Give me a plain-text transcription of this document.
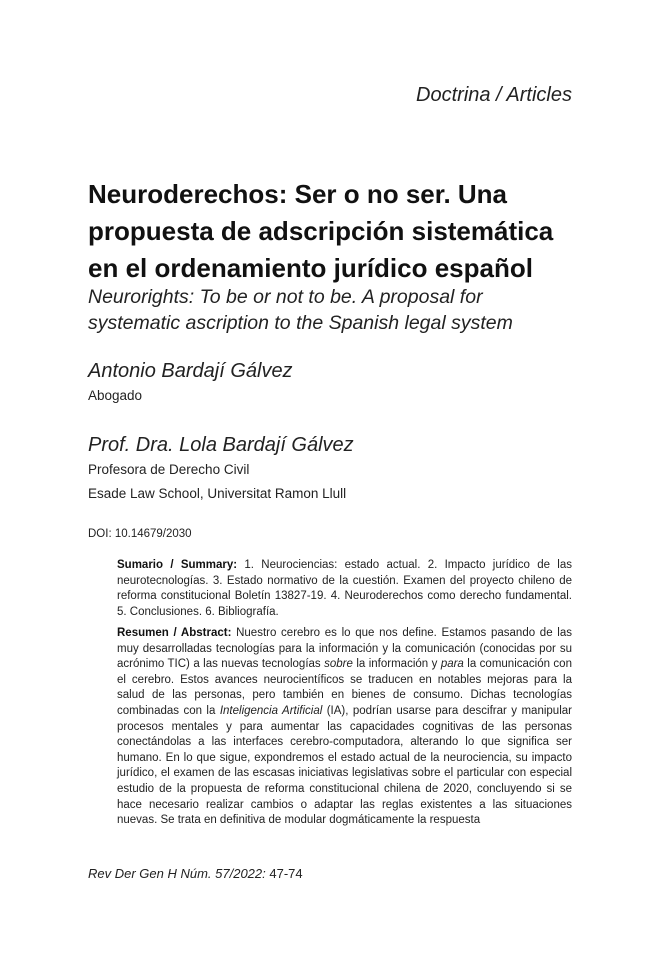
Doctrina / Articles
Neuroderechos: Ser o no ser. Una propuesta de adscripción sistemática en el ordenamiento jurídico español

Neurorights: To be or not to be. A proposal for systematic ascription to the Spanish legal system

Antonio Bardají Gálvez
Abogado
Prof. Dra. Lola Bardají Gálvez
Profesora de Derecho Civil
Esade Law School, Universitat Ramon Llull
DOI: 10.14679/2030

Sumario / Summary: 1. Neurociencias: estado actual. 2. Impacto jurídico de las neurotecnologías. 3. Estado normativo de la cuestión. Examen del proyecto chileno de reforma constitucional Boletín 13827-19. 4. Neuroderechos como derecho fundamental. 5. Conclusiones. 6. Bibliografía.

Resumen / Abstract: Nuestro cerebro es lo que nos define. Estamos pasando de las muy desarrolladas tecnologías para la información y la comunicación (conocidas por su acrónimo TIC) a las nuevas tecnologías sobre la información y para la comunicación con el cerebro. Estos avances neurocientíficos se traducen en notables mejoras para la salud de las personas, pero también en bienes de consumo. Dichas tecnologías combinadas con la Inteligencia Artificial (IA), podrían usarse para descifrar y manipular procesos mentales y para aumentar las capacidades cognitivas de las personas conectándolas a las interfaces cerebro-computadora, alterando lo que significa ser humano. En lo que sigue, expondremos el estado actual de la neurociencia, su impacto jurídico, el examen de las escasas iniciativas legislativas sobre el particular con especial estudio de la propuesta de reforma constitucional chilena de 2020, concluyendo si se hace necesario realizar cambios o adaptar las reglas existentes a las situaciones nuevas. Se trata en definitiva de modular dogmáticamente la respuesta

Rev Der Gen H Núm. 57/2022: 47-74
